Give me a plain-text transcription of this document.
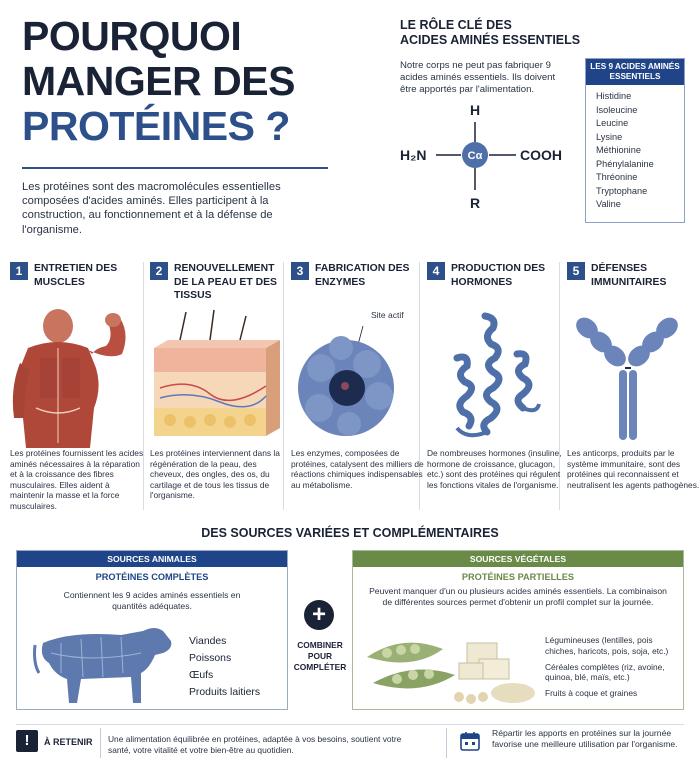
POURQUOI
MANGER DES
PROTÉINES ?
Les protéines sont des macromolécules essentielles composées d'acides aminés. Elles participent à la construction, au fonctionnement et à la défense de l'organisme.
LE RÔLE CLÉ DES
ACIDES AMINÉS ESSENTIELS
Notre corps ne peut pas fabriquer 9 acides aminés essentiels. Ils doivent être apportés par l'alimentation.
H
H₂N	Cα	COOH
R
LES 9 ACIDES AMINÉS ESSENTIELS
Histidine
Isoleucine
Leucine
Lysine
Méthionine
Phénylalanine
Thréonine
Tryptophane
Valine
1	ENTRETIEN DES MUSCLES
Les protéines fournissent les acides aminés nécessaires à la réparation et à la croissance des fibres musculaires. Elles aident à maintenir la masse et la force musculaires.
2	RENOUVELLEMENT DE LA PEAU ET DES TISSUS
Les protéines interviennent dans la régénération de la peau, des cheveux, des ongles, des os, du cartilage et de tous les tissus de l'organisme.
3	FABRICATION DES ENZYMES
Site actif
Les enzymes, composées de protéines, catalysent des milliers de réactions chimiques indispensables au métabolisme.
4	PRODUCTION DES HORMONES
De nombreuses hormones (insuline, hormone de croissance, glucagon, etc.) sont des protéines qui régulent les fonctions vitales de l'organisme.
5	DÉFENSES IMMUNITAIRES
Les anticorps, produits par le système immunitaire, sont des protéines qui reconnaissent et neutralisent les agents pathogènes.
DES SOURCES VARIÉES ET COMPLÉMENTAIRES
SOURCES ANIMALES
PROTÉINES COMPLÈTES
Contiennent les 9 acides aminés essentiels en quantités adéquates.
Viandes
Poissons
Œufs
Produits laitiers
+
COMBINER POUR COMPLÉTER
SOURCES VÉGÉTALES
PROTÉINES PARTIELLES
Peuvent manquer d'un ou plusieurs acides aminés essentiels. La combinaison de différentes sources permet d'obtenir un profil complet sur la journée.
Légumineuses (lentilles, pois chiches, haricots, pois, soja, etc.)
Céréales complètes (riz, avoine, quinoa, blé, maïs, etc.)
Fruits à coque et graines
!	À RETENIR Une alimentation équilibrée en protéines, adaptée à vos besoins, soutient votre santé, votre vitalité et votre bien-être au quotidien.
Répartir les apports en protéines sur la journée favorise une meilleure utilisation par l'organisme.
